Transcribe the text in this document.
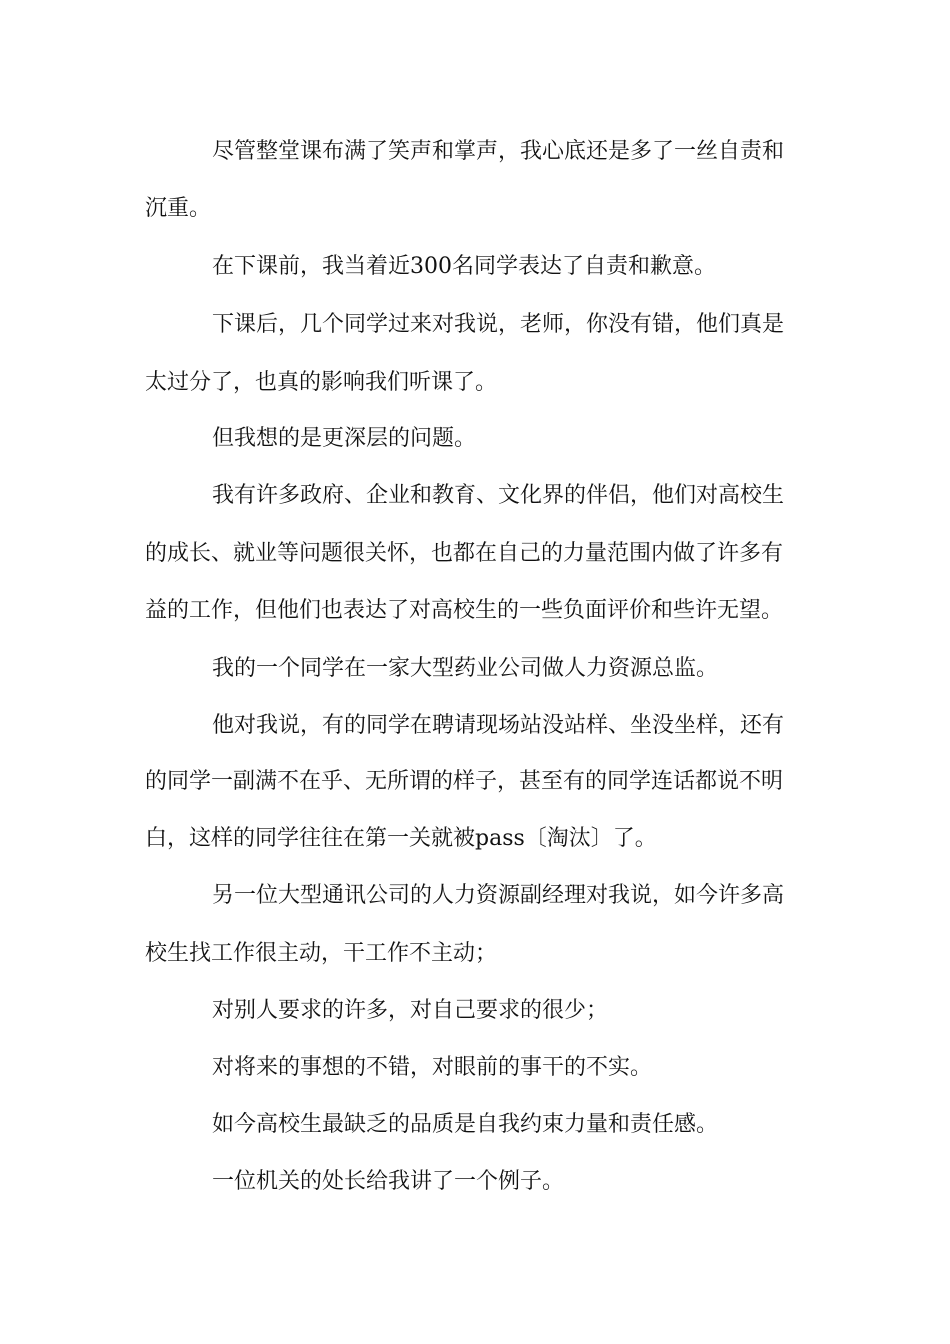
尽管整堂课布满了笑声和掌声，我心底还是多了一丝自责和

沉重。

在下课前，我当着近300名同学表达了自责和歉意。

下课后，几个同学过来对我说，老师，你没有错，他们真是

太过分了，也真的影响我们听课了。

但我想的是更深层的问题。

我有许多政府、企业和教育、文化界的伴侣，他们对高校生

的成长、就业等问题很关怀，也都在自己的力量范围内做了许多有

益的工作，但他们也表达了对高校生的一些负面评价和些许无望。

我的一个同学在一家大型药业公司做人力资源总监。

他对我说，有的同学在聘请现场站没站样、坐没坐样，还有

的同学一副满不在乎、无所谓的样子，甚至有的同学连话都说不明

白，这样的同学往往在第一关就被pass〔淘汰〕了。

另一位大型通讯公司的人力资源副经理对我说，如今许多高

校生找工作很主动，干工作不主动；

对别人要求的许多，对自己要求的很少；

对将来的事想的不错，对眼前的事干的不实。

如今高校生最缺乏的品质是自我约束力量和责任感。

一位机关的处长给我讲了一个例子。
